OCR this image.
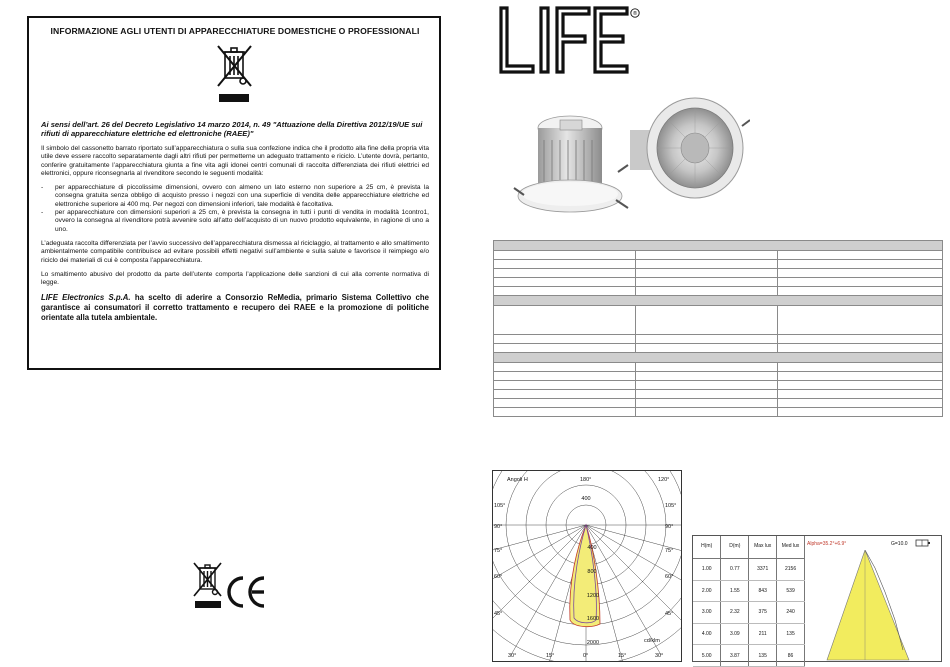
INFORMAZIONE AGLI UTENTI DI APPARECCHIATURE DOMESTICHE O PROFESSIONALI

Ai sensi dell’art. 26 del Decreto Legislativo 14 marzo 2014, n. 49 "Attuazione della Direttiva 2012/19/UE sui rifiuti di apparecchiature elettriche ed elettroniche (RAEE)"

Il simbolo del cassonetto barrato riportato sull’apparecchiatura o sulla sua confezione indica che il prodotto alla fine della propria vita utile deve essere raccolto separatamente dagli altri rifiuti per permetterne un adeguato trattamento e riciclo. L’utente dovrà, pertanto, conferire gratuitamente l’apparecchiatura giunta a fine vita agli idonei centri comunali di raccolta differenziata dei rifiuti elettrici ed elettronici, oppure riconsegnarla al rivenditore secondo le seguenti modalità:

-	per apparecchiature di piccolissime dimensioni, ovvero con almeno un lato esterno non superiore a 25 cm, è prevista la consegna gratuita senza obbligo di acquisto presso i negozi con una superficie di vendita delle apparecchiature elettriche ed elettroniche superiore ai 400 mq. Per negozi con dimensioni inferiori, tale modalità è facoltativa.
-	per apparecchiature con dimensioni superiori a 25 cm, è prevista la consegna in tutti i punti di vendita in modalità 1contro1, ovvero la consegna al rivenditore potrà avvenire solo all’atto dell’acquisto di un nuovo prodotto equivalente, in ragione di uno a uno.

L’adeguata raccolta differenziata per l’avvio successivo dell’apparecchiatura dismessa al riciclaggio, al trattamento e allo smaltimento ambientalmente compatibile contribuisce ad evitare possibili effetti negativi sull’ambiente e sulla salute e favorisce il reimpiego e/o riciclo dei materiali di cui è composta l’apparecchiatura.

Lo smaltimento abusivo del prodotto da parte dell’utente comporta l’applicazione delle sanzioni di cui alla corrente normativa di legge.

LIFE Electronics S.p.A. ha scelto di aderire a Consorzio ReMedia, primario Sistema Collettivo che garantisce ai consumatori il corretto trattamento e recupero dei RAEE e la promozione di politiche orientate alla tutela ambientale.

®

Angoli H	180°	120°
400
400
800
1200
1600
2000	cd/klm
105°
90°
75°
60°
45°
105°
90°
75°
60°
45°
30°	15°	0°	15°	30°
H(m)	D(m)	Max lux	Med lux
1.00	0.77	3371	2156
2.00	1.55	843	539
3.00	2.32	375	240
4.00	3.09	211	135
5.00	3.87	135	86
Alpha=35.2°+6.9°	G=10.0
